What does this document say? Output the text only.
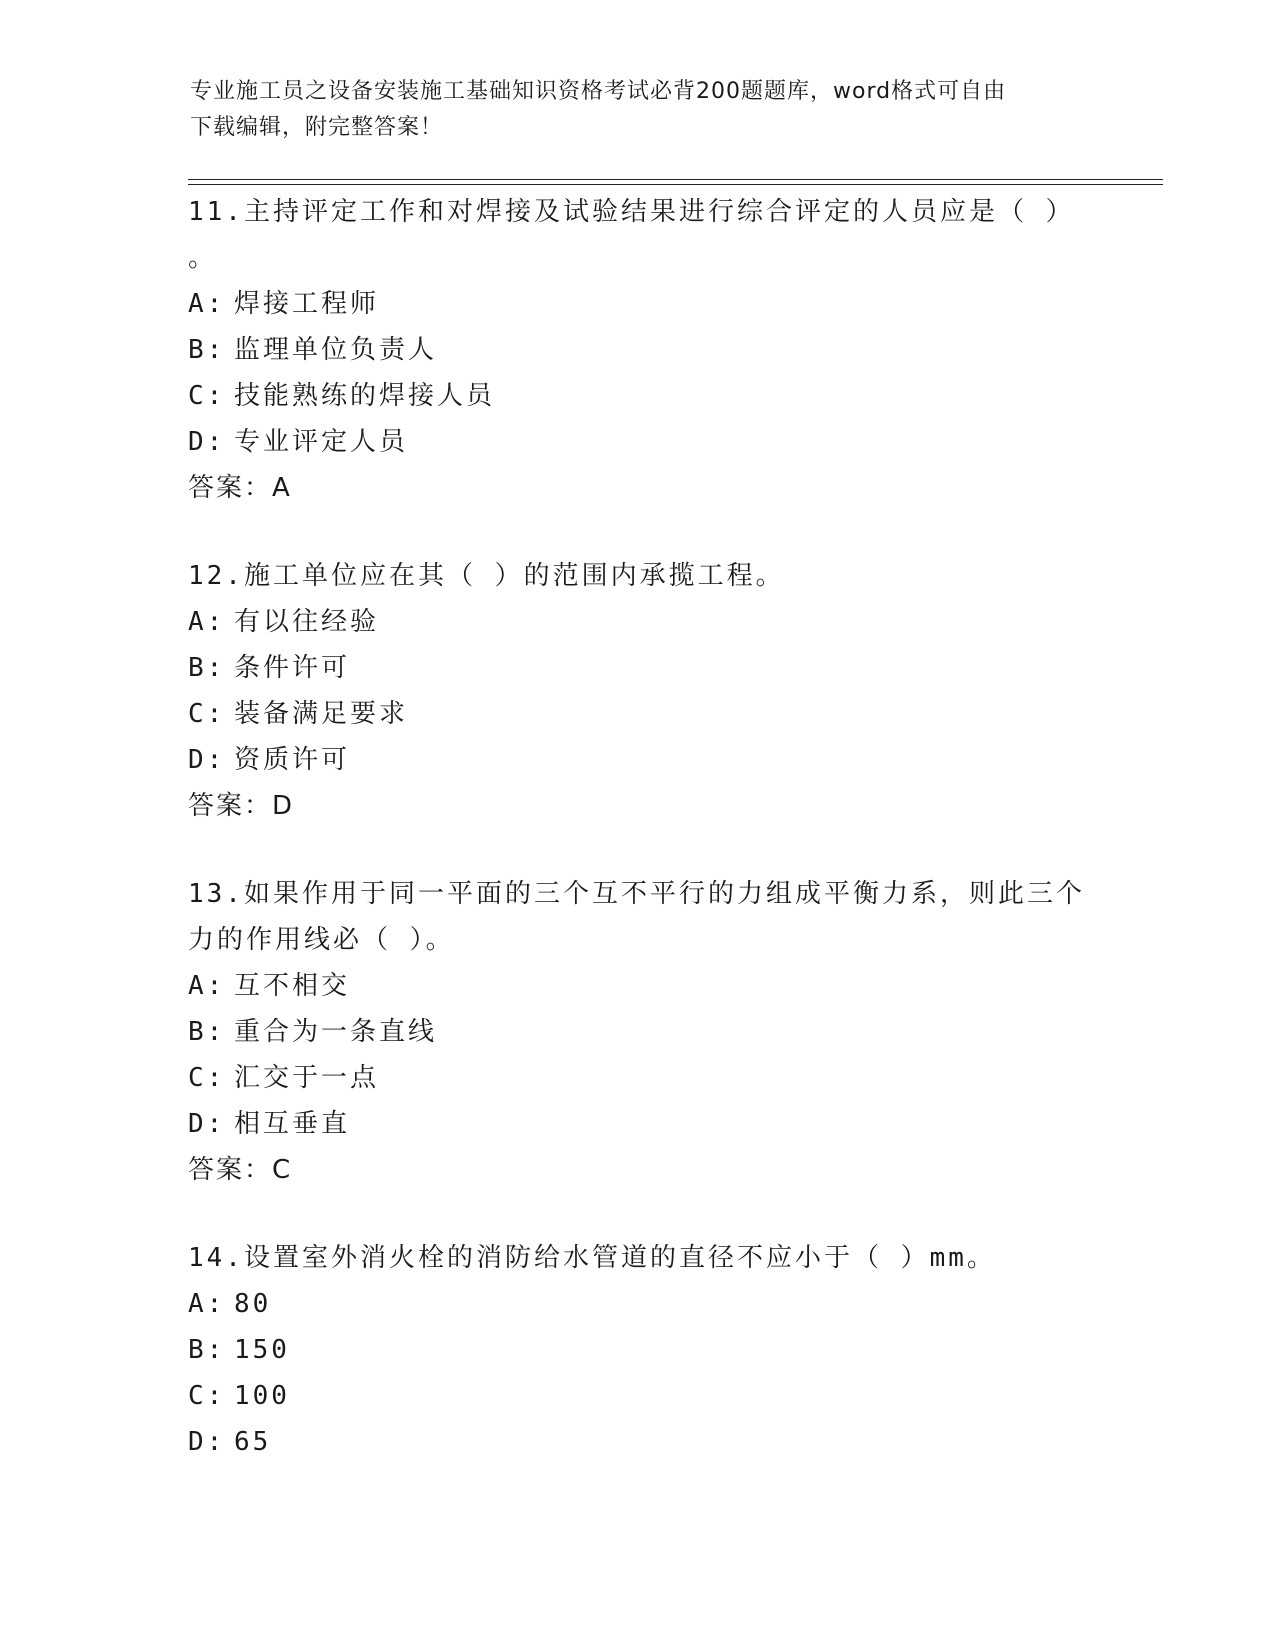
专业施工员之设备安装施工基础知识资格考试必背200题题库，word格式可自由
下载编辑，附完整答案！

11.主持评定工作和对焊接及试验结果进行综合评定的人员应是（ ）
。

A: 焊接工程师
B: 监理单位负责人
C: 技能熟练的焊接人员
D: 专业评定人员
答案：A

12.施工单位应在其（ ）的范围内承揽工程。

A: 有以往经验
B: 条件许可
C: 装备满足要求
D: 资质许可
答案：D

13.如果作用于同一平面的三个互不平行的力组成平衡力系，则此三个
力的作用线必（ ）。

A: 互不相交
B: 重合为一条直线
C: 汇交于一点
D: 相互垂直
答案：C

14.设置室外消火栓的消防给水管道的直径不应小于（ ）mm。

A: 80
B: 150
C: 100
D: 65
